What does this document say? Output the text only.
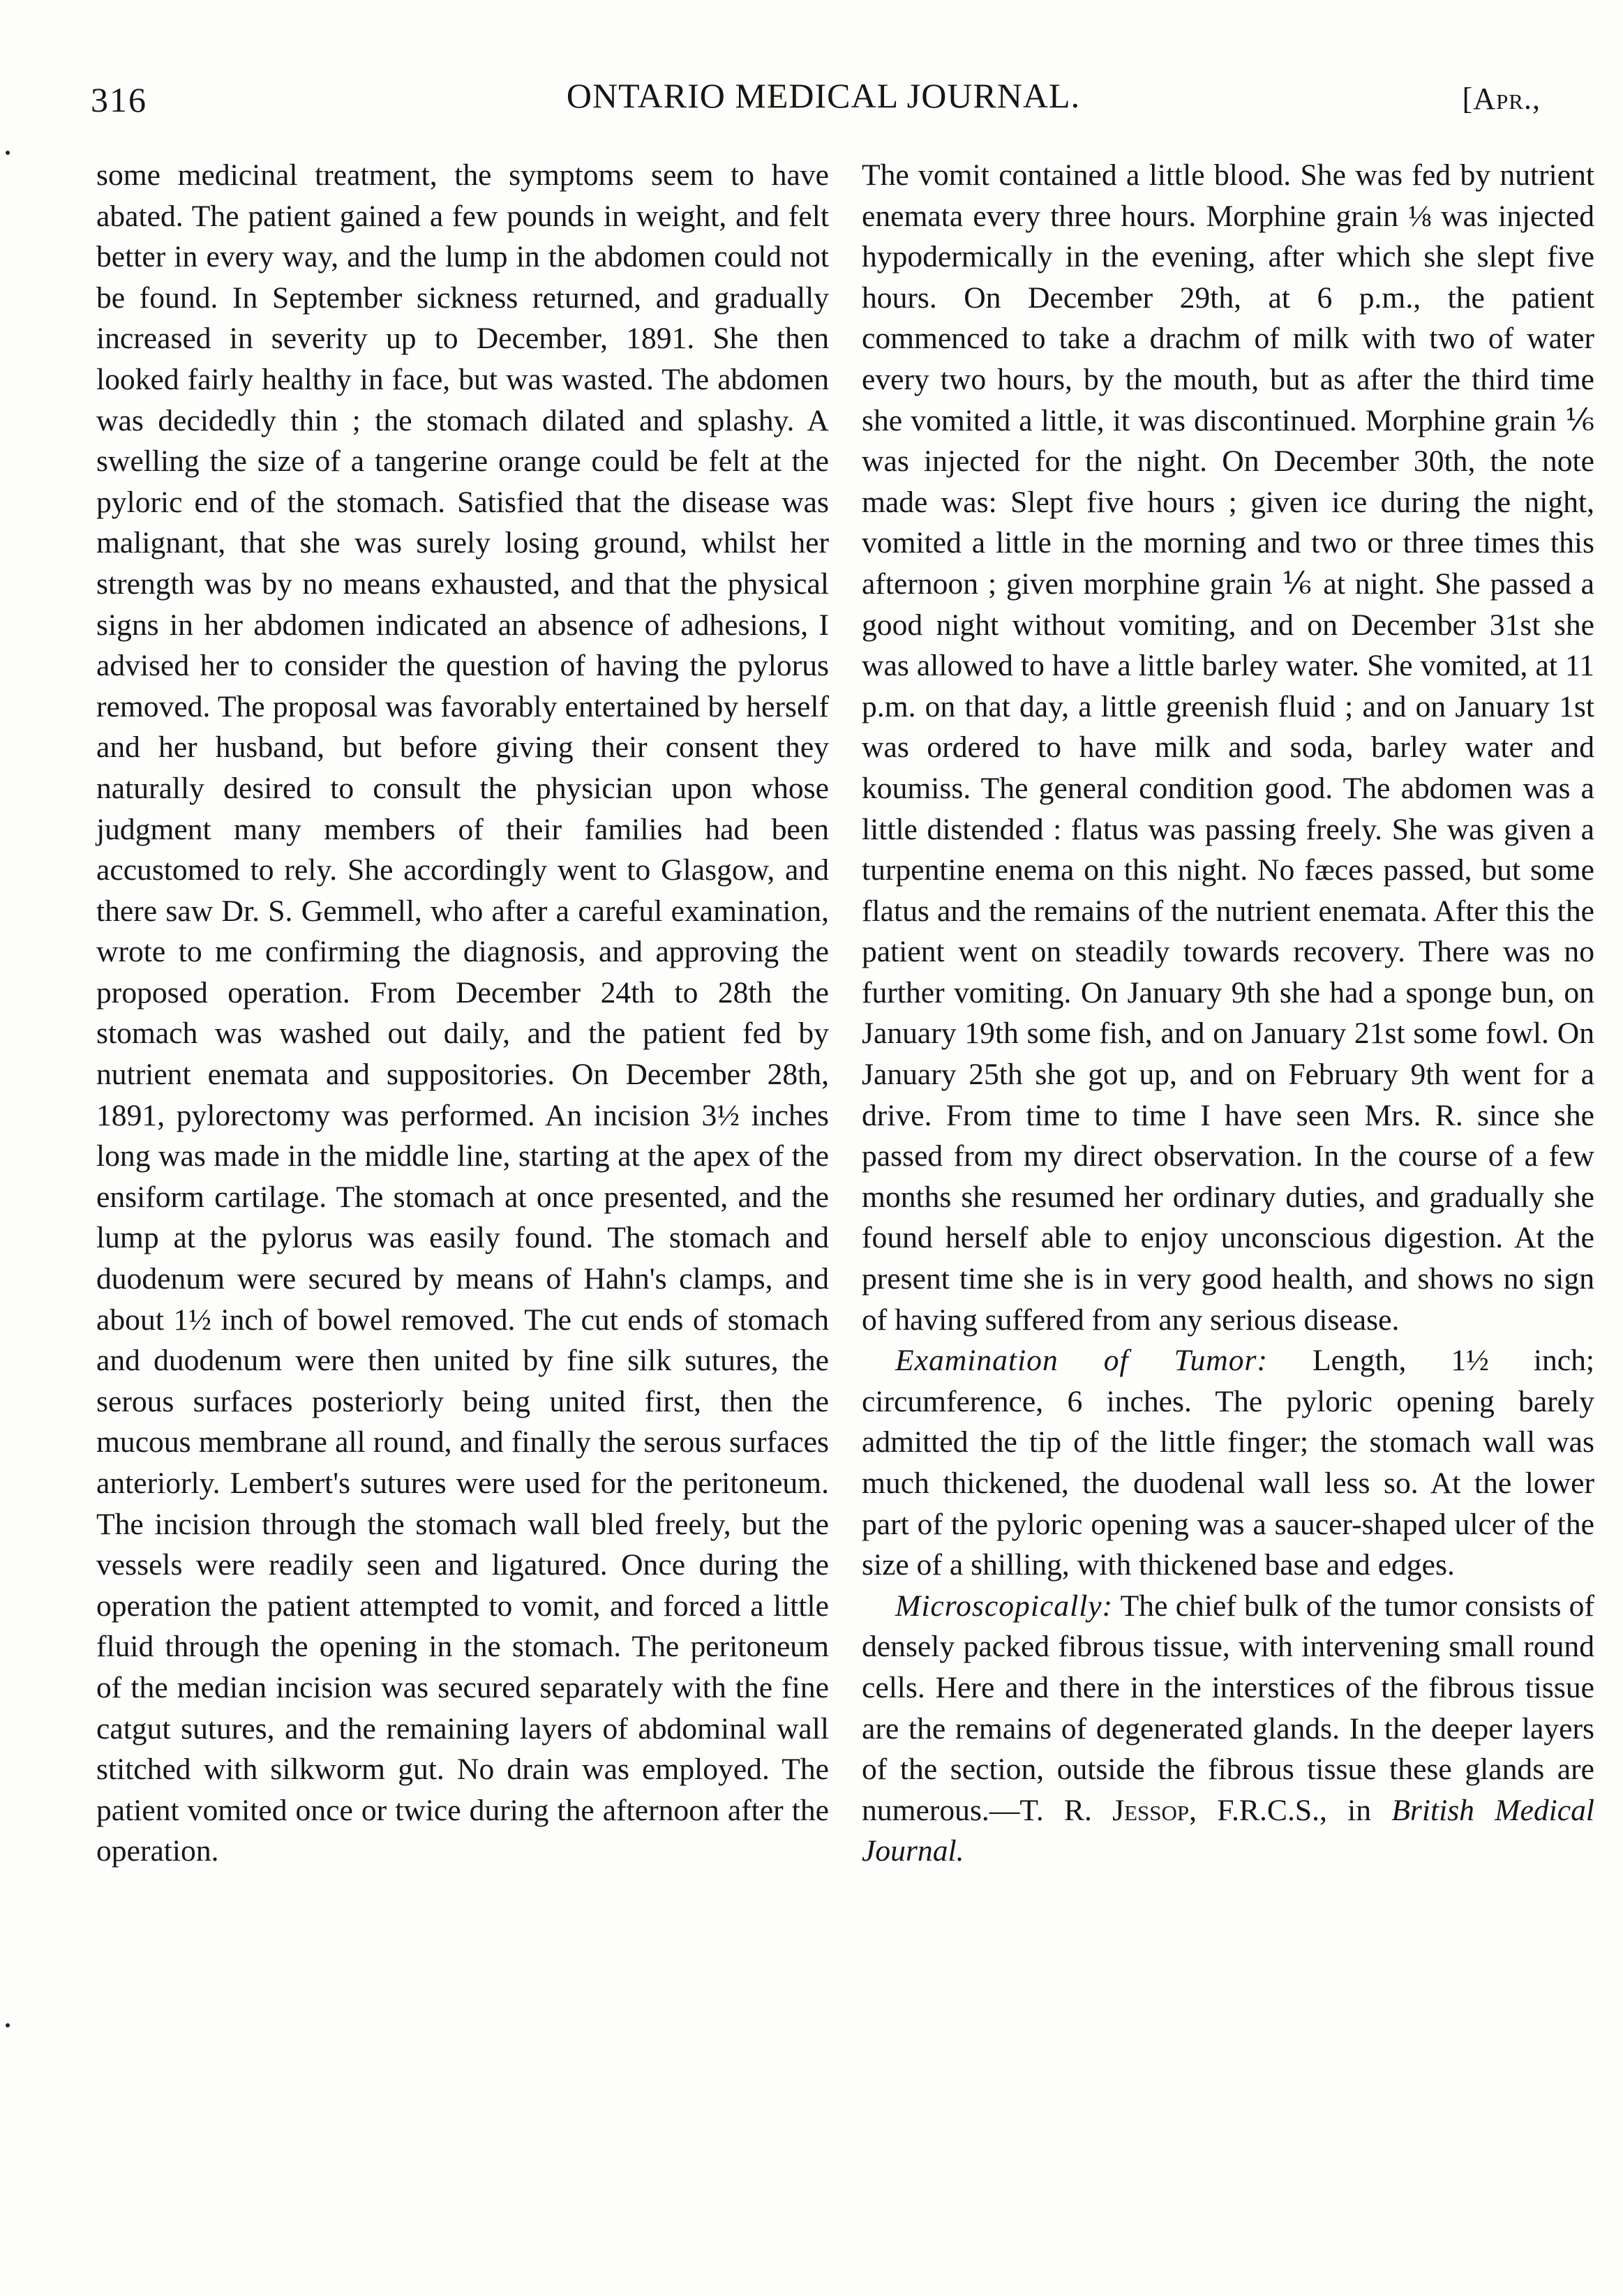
316	ONTARIO MEDICAL JOURNAL.	[Apr.,

some medicinal treatment, the symptoms seem to have abated. The patient gained a few pounds in weight, and felt better in every way, and the lump in the abdomen could not be found. In September sickness returned, and gradually increased in severity up to December, 1891. She then looked fairly healthy in face, but was wasted. The abdomen was decidedly thin ; the stomach dilated and splashy. A swelling the size of a tangerine orange could be felt at the pyloric end of the stomach. Satisfied that the disease was malignant, that she was surely losing ground, whilst her strength was by no means exhausted, and that the physical signs in her abdomen indicated an absence of adhesions, I advised her to consider the question of having the pylorus removed. The proposal was favorably entertained by herself and her husband, but before giving their consent they naturally desired to consult the physician upon whose judgment many members of their families had been accustomed to rely. She accordingly went to Glasgow, and there saw Dr. S. Gemmell, who after a careful examination, wrote to me confirming the diagnosis, and approving the proposed operation. From December 24th to 28th the stomach was washed out daily, and the patient fed by nutrient enemata and suppositories. On December 28th, 1891, pylorectomy was performed. An incision 3½ inches long was made in the middle line, starting at the apex of the ensiform cartilage. The stomach at once presented, and the lump at the pylorus was easily found. The stomach and duodenum were secured by means of Hahn's clamps, and about 1½ inch of bowel removed. The cut ends of stomach and duodenum were then united by fine silk sutures, the serous surfaces posteriorly being united first, then the mucous membrane all round, and finally the serous surfaces anteriorly. Lembert's sutures were used for the peritoneum. The incision through the stomach wall bled freely, but the vessels were readily seen and ligatured. Once during the operation the patient attempted to vomit, and forced a little fluid through the opening in the stomach. The peritoneum of the median incision was secured separately with the fine catgut sutures, and the remaining layers of abdominal wall stitched with silkworm gut. No drain was employed. The patient vomited once or twice during the afternoon after the operation.

The vomit contained a little blood. She was fed by nutrient enemata every three hours. Morphine grain ⅛ was injected hypodermically in the evening, after which she slept five hours. On December 29th, at 6 p.m., the patient commenced to take a drachm of milk with two of water every two hours, by the mouth, but as after the third time she vomited a little, it was discontinued. Morphine grain ⅙ was injected for the night. On December 30th, the note made was: Slept five hours ; given ice during the night, vomited a little in the morning and two or three times this afternoon ; given morphine grain ⅙ at night. She passed a good night without vomiting, and on December 31st she was allowed to have a little barley water. She vomited, at 11 p.m. on that day, a little greenish fluid ; and on January 1st was ordered to have milk and soda, barley water and koumiss. The general condition good. The abdomen was a little distended : flatus was passing freely. She was given a turpentine enema on this night. No fæces passed, but some flatus and the remains of the nutrient enemata. After this the patient went on steadily towards recovery. There was no further vomiting. On January 9th she had a sponge bun, on January 19th some fish, and on January 21st some fowl. On January 25th she got up, and on February 9th went for a drive. From time to time I have seen Mrs. R. since she passed from my direct observation. In the course of a few months she resumed her ordinary duties, and gradually she found herself able to enjoy unconscious digestion. At the present time she is in very good health, and shows no sign of having suffered from any serious disease.

Examination of Tumor: Length, 1½ inch; circumference, 6 inches. The pyloric opening barely admitted the tip of the little finger; the stomach wall was much thickened, the duodenal wall less so. At the lower part of the pyloric opening was a saucer-shaped ulcer of the size of a shilling, with thickened base and edges.

Microscopically: The chief bulk of the tumor consists of densely packed fibrous tissue, with intervening small round cells. Here and there in the interstices of the fibrous tissue are the remains of degenerated glands. In the deeper layers of the section, outside the fibrous tissue these glands are numerous.—T. R. Jessop, F.R.C.S., in British Medical Journal.
